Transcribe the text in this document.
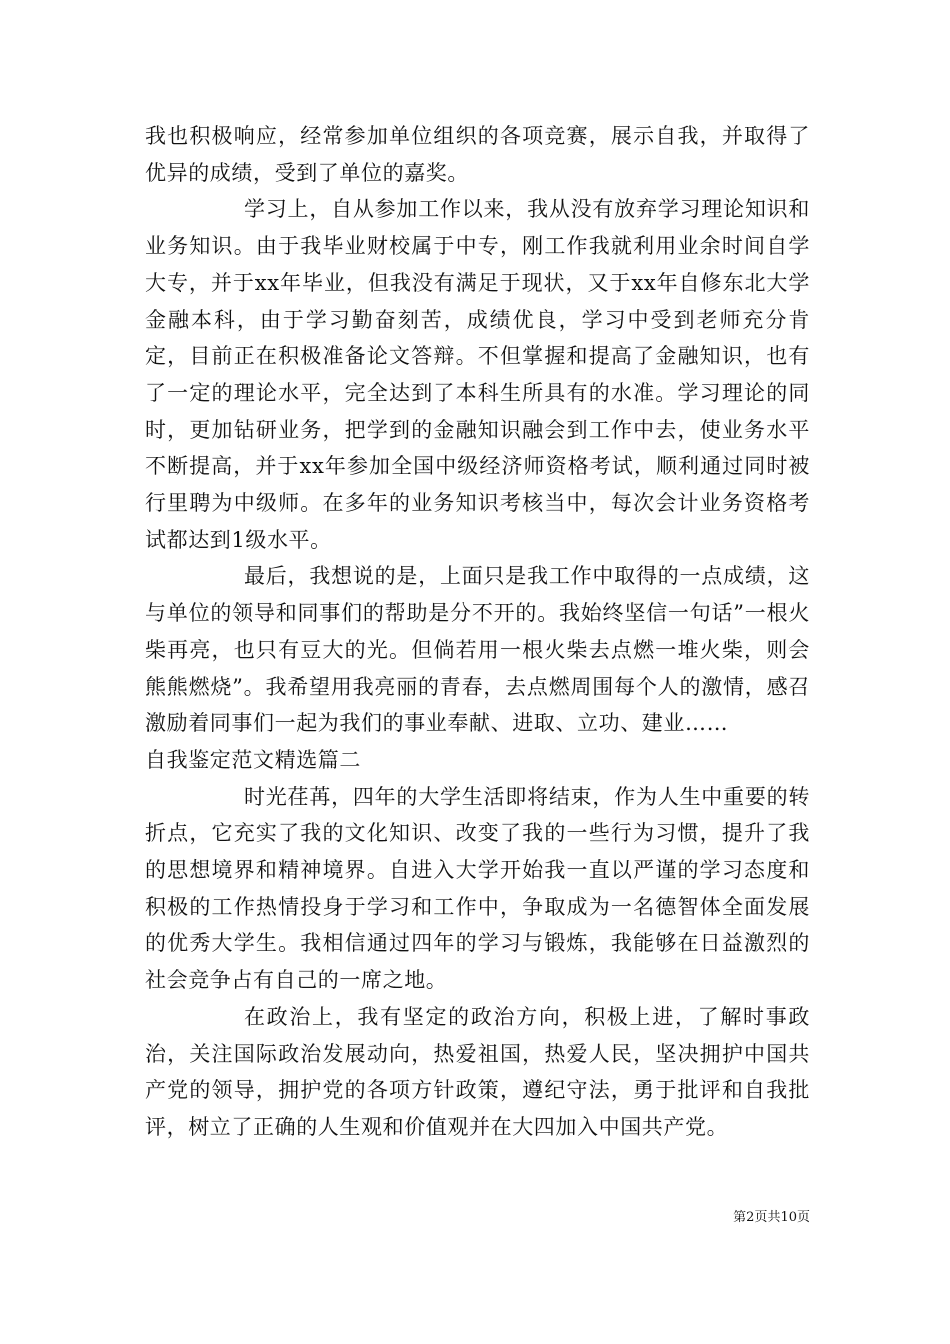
我也积极响应，经常参加单位组织的各项竞赛，展示自我，并取得了优异的成绩，受到了单位的嘉奖。

学习上，自从参加工作以来，我从没有放弃学习理论知识和业务知识。由于我毕业财校属于中专，刚工作我就利用业余时间自学大专，并于xx年毕业，但我没有满足于现状，又于xx年自修东北大学金融本科，由于学习勤奋刻苦，成绩优良，学习中受到老师充分肯定，目前正在积极准备论文答辩。不但掌握和提高了金融知识，也有了一定的理论水平，完全达到了本科生所具有的水准。学习理论的同时，更加钻研业务，把学到的金融知识融会到工作中去，使业务水平不断提高，并于xx年参加全国中级经济师资格考试，顺利通过同时被行里聘为中级师。在多年的业务知识考核当中，每次会计业务资格考试都达到1级水平。

最后，我想说的是，上面只是我工作中取得的一点成绩，这与单位的领导和同事们的帮助是分不开的。我始终坚信一句话”一根火柴再亮，也只有豆大的光。但倘若用一根火柴去点燃一堆火柴，则会熊熊燃烧”。我希望用我亮丽的青春，去点燃周围每个人的激情，感召激励着同事们一起为我们的事业奉献、进取、立功、建业……

自我鉴定范文精选篇二

时光荏苒，四年的大学生活即将结束，作为人生中重要的转折点，它充实了我的文化知识、改变了我的一些行为习惯，提升了我的思想境界和精神境界。自进入大学开始我一直以严谨的学习态度和积极的工作热情投身于学习和工作中，争取成为一名德智体全面发展的优秀大学生。我相信通过四年的学习与锻炼，我能够在日益激烈的社会竞争占有自己的一席之地。

在政治上，我有坚定的政治方向，积极上进，了解时事政治，关注国际政治发展动向，热爱祖国，热爱人民，坚决拥护中国共产党的领导，拥护党的各项方针政策，遵纪守法，勇于批评和自我批评，树立了正确的人生观和价值观并在大四加入中国共产党。

第2页共10页
